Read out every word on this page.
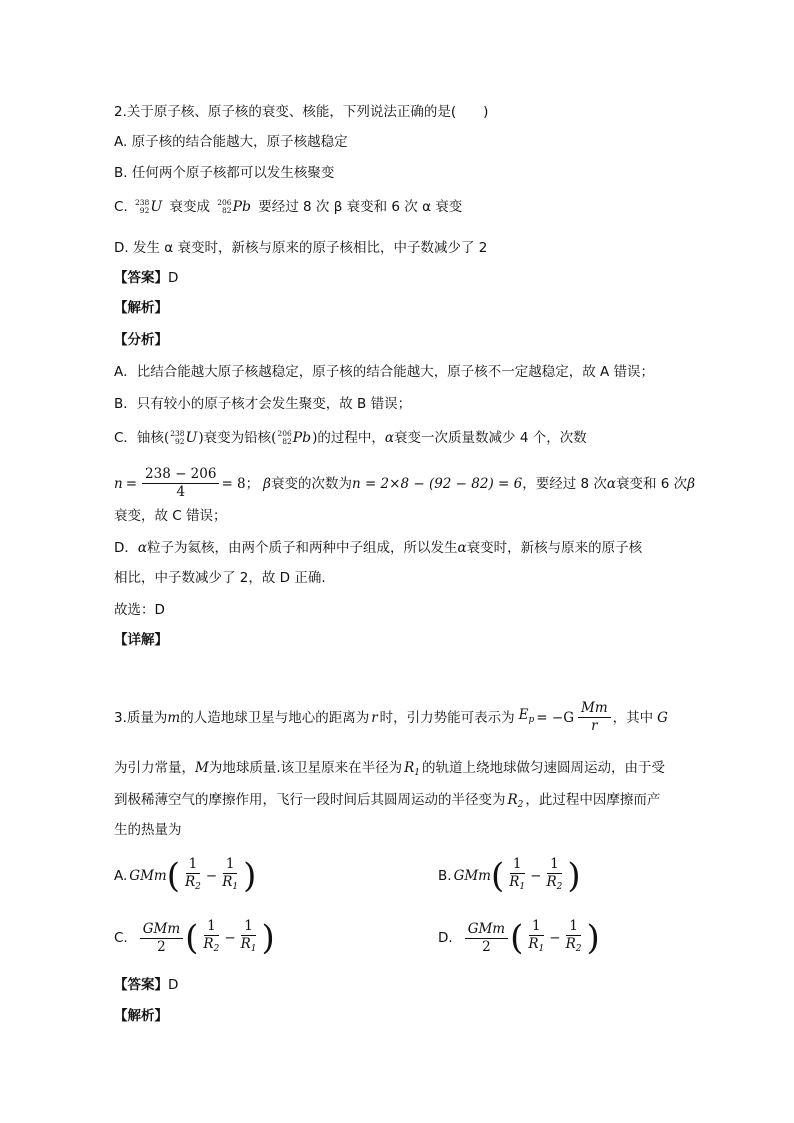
2.关于原子核、原子核的衰变、核能，下列说法正确的是(　　)
A. 原子核的结合能越大，原子核越稳定
B. 任何两个原子核都可以发生核聚变
C. 238
92 U 衰变成 206
82 Pb 要经过 8 次 β 衰变和 6 次 α 衰变
D. 发生 α 衰变时，新核与原来的原子核相比，中子数减少了 2
【答案】D
【解析】
【分析】
A．比结合能越大原子核越稳定，原子核的结合能越大，原子核不一定越稳定，故 A 错误；
B．只有较小的原子核才会发生聚变，故 B 错误；
C．铀核( 238
92 U )衰变为铅核( 206
82 Pb )的过程中，α衰变一次质量数减少 4 个，次数
$n = \frac{238 - 206}{4} = 8$； β 衰变的次数为 n = 2×8 − (92 − 82) = 6 ，要经过 8 次 α 衰变和 6 次 β
衰变，故 C 错误；
D．α粒子为氦核，由两个质子和两种中子组成，所以发生α衰变时，新核与原来的原子核
相比，中子数减少了 2，故 D 正确.
故选：D
【详解】
3.质量为 m 的人造地球卫星与地心的距离为 r 时，引力势能可表示为 $E_p = -G \frac{Mm}{r}$ ，其中 G
为引力常量，M为地球质量.该卫星原来在半径为 $R_1$ 的轨道上绕地球做匀速圆周运动，由于受
到极稀薄空气的摩擦作用，飞行一段时间后其圆周运动的半径变为 $R_2$ ，此过程中因摩擦而产
生的热量为
A. GMm ( $\frac{1}{R_2} - \frac{1}{R_1}$ )	B. GMm ( $\frac{1}{R_1} - \frac{1}{R_2}$ )
C. $\frac{\text{GMm}}{2}$ ( $\frac{1}{R_2} - \frac{1}{R_1}$ )	D. $\frac{\text{GMm}}{2}$ ( $\frac{1}{R_1} - \frac{1}{R_2}$ )
【答案】D
【解析】
